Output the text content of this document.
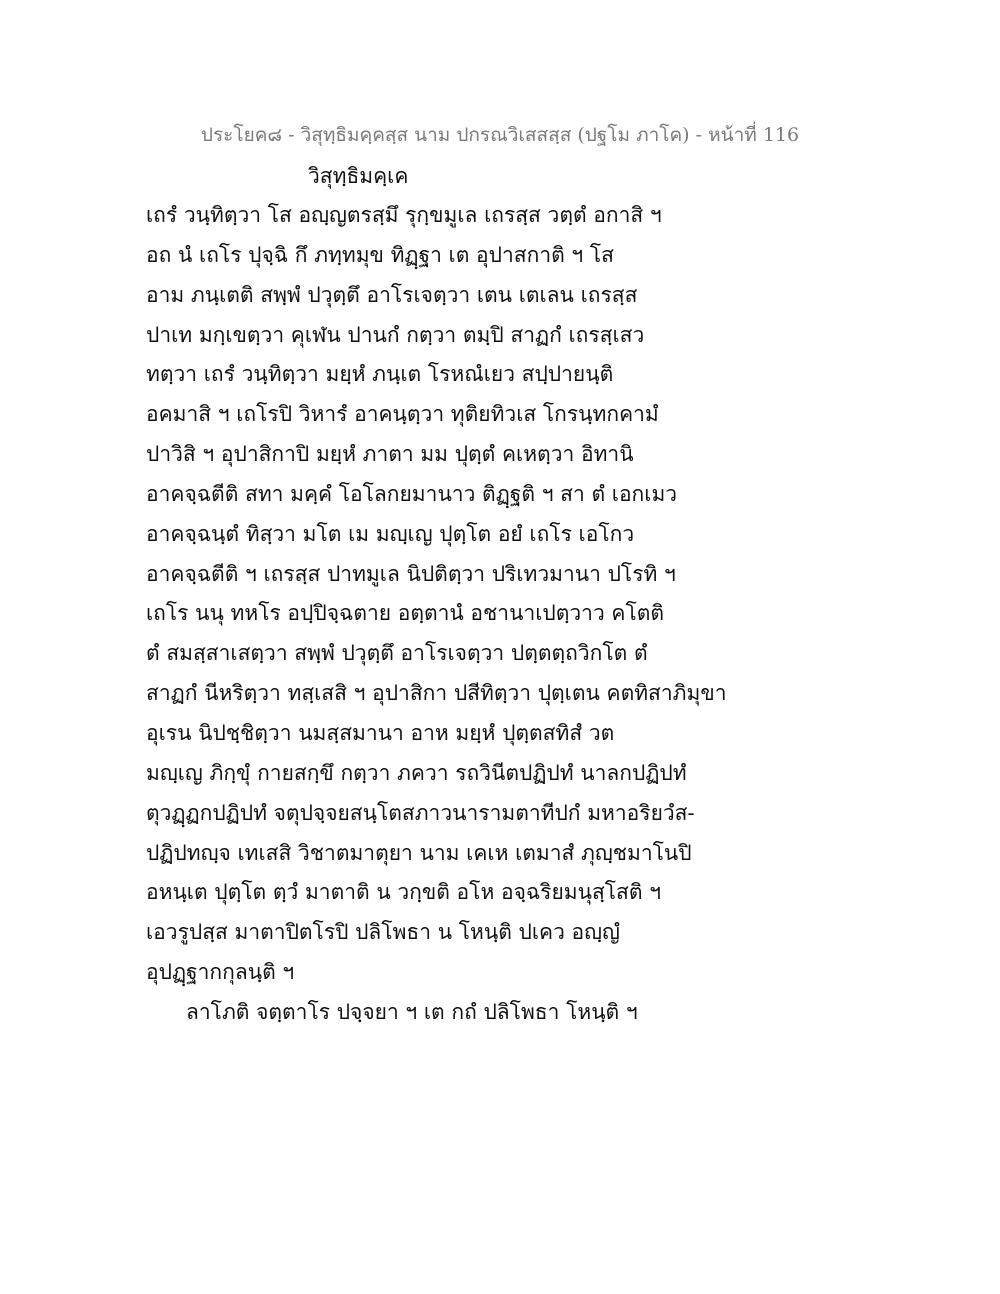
ประโยค๘ - วิสุทฺธิมคฺคสฺส นาม ปกรณวิเสสสฺส (ปฐโม ภาโค) - หน้าที่ 116
วิสุทฺธิมคฺเค
เถรํ วนฺทิตฺวา โส อญฺญตรสฺมึ รุกฺขมูเล เถรสฺส วตฺตํ อกาสิ ฯ
อถ นํ เถโร ปุจฺฉิ กึ ภทฺทมุข ทิฏฺฐา เต อุปาสกาติ ฯ โส
อาม ภนฺเตติ สพฺพํ ปวุตฺตึ อาโรเจตฺวา เตน เตเลน เถรสฺส
ปาเท มกฺเขตฺวา คุเฬน ปานกํ กตฺวา ตมฺปิ สาฏกํ เถรสฺเสว
ทตฺวา เถรํ วนฺทิตฺวา มยฺหํ ภนฺเต โรหณํเยว สปฺปายนฺติ
อคมาสิ ฯ เถโรปิ วิหารํ อาคนฺตฺวา ทุติยทิวเส โกรนฺทกคามํ
ปาวิสิ ฯ อุปาสิกาปิ มยฺหํ ภาตา มม ปุตฺตํ คเหตฺวา อิทานิ
อาคจฺฉตีติ สทา มคฺคํ โอโลกยมานาว ติฏฺฐติ ฯ สา ตํ เอกเมว
อาคจฺฉนฺตํ ทิสฺวา มโต เม มญฺเญ ปุตฺโต อยํ เถโร เอโกว
อาคจฺฉตีติ ฯ เถรสฺส ปาทมูเล นิปติตฺวา ปริเทวมานา ปโรทิ ฯ
เถโร นนุ ทหโร อปฺปิจฺฉตาย อตฺตานํ อชานาเปตฺวาว คโตติ
ตํ สมสฺสาเสตฺวา สพฺพํ ปวุตฺตึ อาโรเจตฺวา ปตฺตตฺถวิกโต ตํ
สาฏกํ นีหริตฺวา ทสฺเสสิ ฯ อุปาสิกา ปสีทิตฺวา ปุตฺเตน คตทิสาภิมุขา
อุเรน นิปชฺชิตฺวา นมสฺสมานา อาห มยฺหํ ปุตฺตสทิสํ วต
มญฺเญ ภิกฺขุํ กายสกฺขึ กตฺวา ภควา รถวินีตปฏิปทํ นาลกปฏิปทํ
ตุวฏฺฏกปฏิปทํ จตุปจฺจยสนฺโตสภาวนารามตาทีปกํ มหาอริยวํส-
ปฏิปทญฺจ เทเสสิ วิชาตมาตุยา นาม เคเห เตมาสํ ภุญฺชมาโนปิ
อหนฺเต ปุตฺโต ตฺวํ มาตาติ น วกฺขติ อโห อจฺฉริยมนุสฺโสติ ฯ
เอวรูปสฺส มาตาปิตโรปิ ปลิโพธา น โหนฺติ ปเคว อญฺญํ
อุปฏฺฐากกุลนฺติ ฯ
ลาโภติ จตฺตาโร ปจฺจยา ฯ เต กถํ ปลิโพธา โหนฺติ ฯ
